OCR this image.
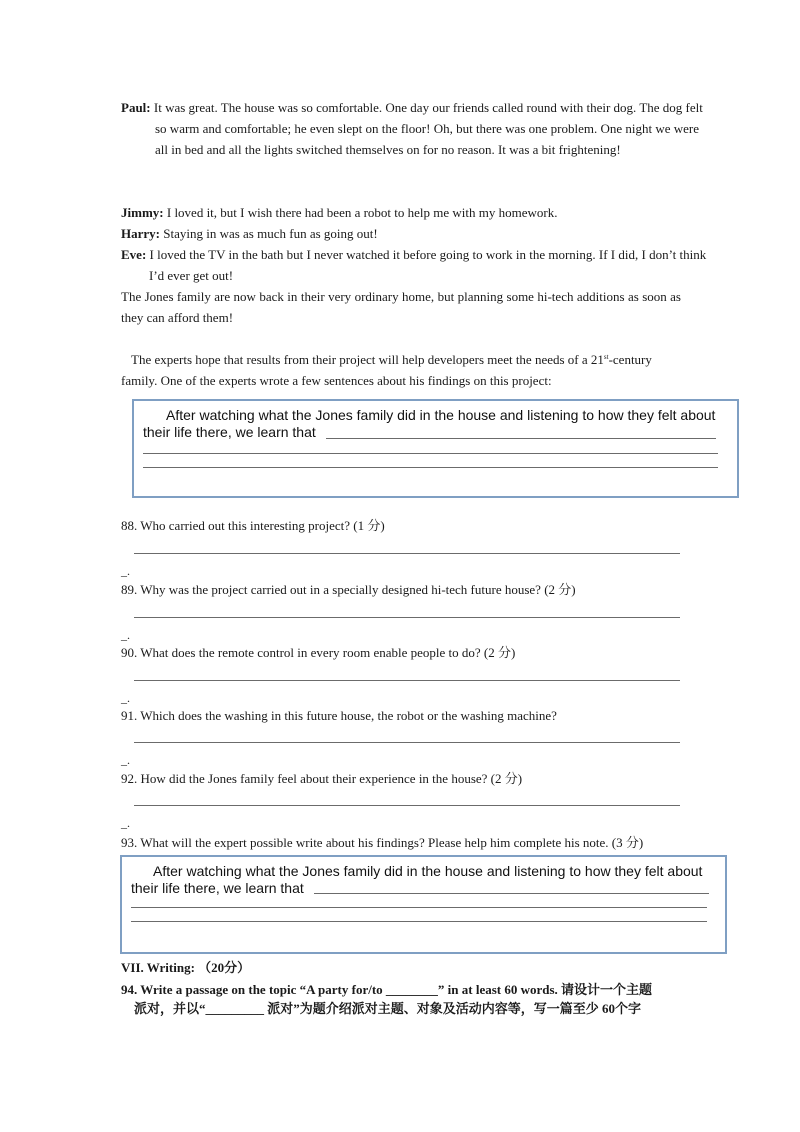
Paul: It was great. The house was so comfortable. One day our friends called round with their dog. The dog felt so warm and comfortable; he even slept on the floor! Oh, but there was one problem. One night we were all in bed and all the lights switched themselves on for no reason. It was a bit frightening!

Jimmy: I loved it, but I wish there had been a robot to help me with my homework.

Harry: Staying in was as much fun as going out!

Eve: I loved the TV in the bath but I never watched it before going to work in the morning. If I did, I don’t think I’d ever get out!

The Jones family are now back in their very ordinary home, but planning some hi-tech additions as soon as they can afford them!

The experts hope that results from their project will help developers meet the needs of a 21st-century family. One of the experts wrote a few sentences about his findings on this project:

After watching what the Jones family did in the house and listening to how they felt about
their life there, we learn that
88. Who carried out this interesting project? (1 分)
_.
89. Why was the project carried out in a specially designed hi-tech future house? (2 分)
_.
90. What does the remote control in every room enable people to do? (2 分)
_.
91. Which does the washing in this future house, the robot or the washing machine?
_.
92. How did the Jones family feel about their experience in the house? (2 分)
_.
93. What will the expert possible write about his findings? Please help him complete his note. (3 分)
After watching what the Jones family did in the house and listening to how they felt about
their life there, we learn that
VII. Writing: （20分）
94. Write a passage on the topic “A party for/to ________” in at least 60 words. 请设计一个主题
派对，并以“_________ 派对”为题介绍派对主题、对象及活动内容等，写一篇至少 60个字
